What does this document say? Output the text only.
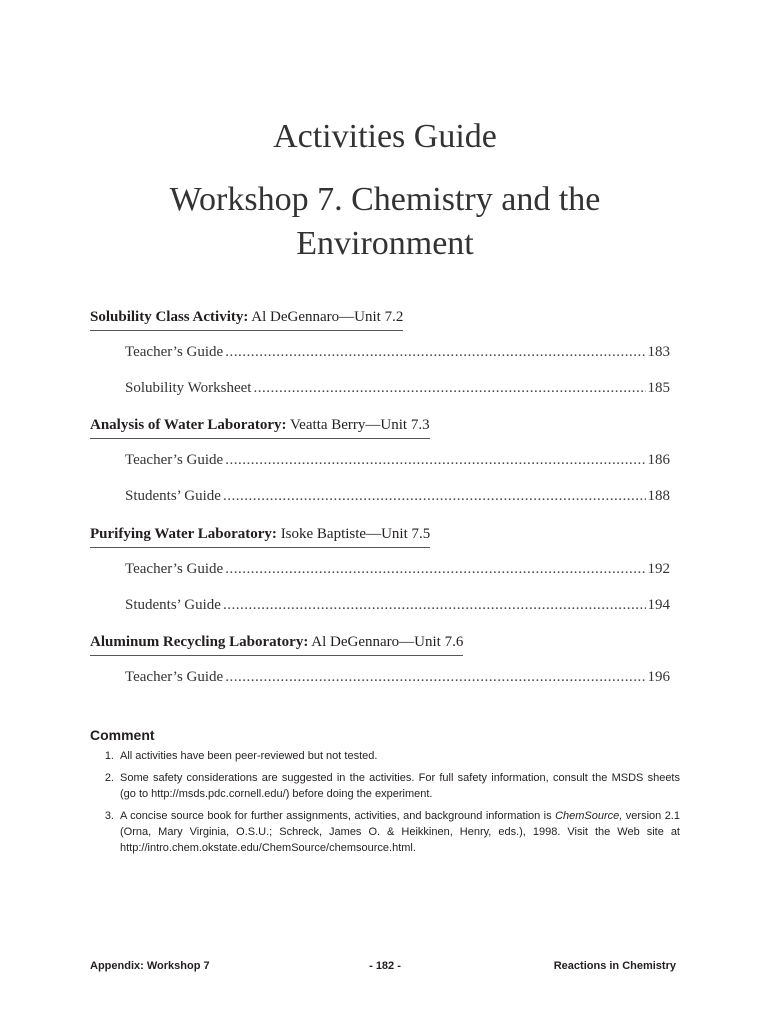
Activities Guide
Workshop 7. Chemistry and the Environment
Solubility Class Activity: Al DeGennaro—Unit 7.2
Teacher’s Guide .....	183
Solubility Worksheet .....	185
Analysis of Water Laboratory: Veatta Berry—Unit 7.3
Teacher’s Guide .....	186
Students’ Guide .....	188
Purifying Water Laboratory: Isoke Baptiste—Unit 7.5
Teacher’s Guide .....	192
Students’ Guide .....	194
Aluminum Recycling Laboratory: Al DeGennaro—Unit 7.6
Teacher’s Guide .....	196
Comment
1. All activities have been peer-reviewed but not tested.
2. Some safety considerations are suggested in the activities. For full safety information, consult the MSDS sheets (go to http://msds.pdc.cornell.edu/) before doing the experiment.
3. A concise source book for further assignments, activities, and background information is ChemSource, version 2.1 (Orna, Mary Virginia, O.S.U.; Schreck, James O. & Heikkinen, Henry, eds.), 1998. Visit the Web site at http://intro.chem.okstate.edu/ChemSource/chemsource.html.
Appendix: Workshop 7	- 182 -	Reactions in Chemistry
